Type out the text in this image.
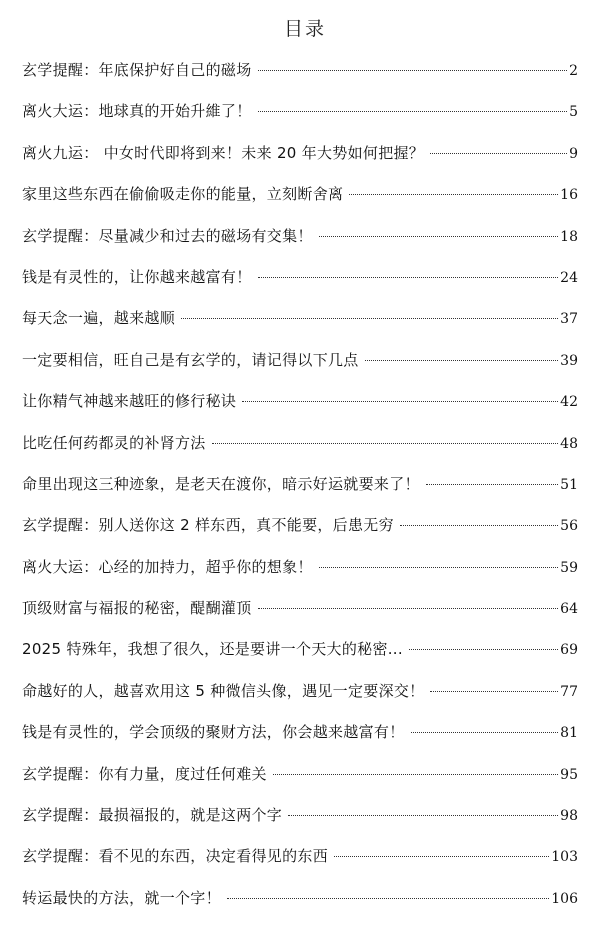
目录
玄学提醒：年底保护好自己的磁场	2
离火大运：地球真的开始升維了！	5
离火九运： 中女时代即将到来！未来 20 年大势如何把握？	9
家里这些东西在偷偷吸走你的能量，立刻断舍离	16
玄学提醒：尽量减少和过去的磁场有交集！	18
钱是有灵性的，让你越来越富有！	24
每天念一遍，越来越顺	37
一定要相信，旺自己是有玄学的，请记得以下几点	39
让你精气神越来越旺的修行秘诀	42
比吃任何药都灵的补肾方法	48
命里出现这三种迹象，是老天在渡你，暗示好运就要来了！	51
玄学提醒：别人送你这 2 样东西，真不能要，后患无穷	56
离火大运：心经的加持力，超乎你的想象！	59
顶级财富与福报的秘密，醍醐灌顶	64
2025 特殊年，我想了很久，还是要讲一个天大的秘密...	69
命越好的人，越喜欢用这 5 种微信头像，遇见一定要深交！	77
钱是有灵性的，学会顶级的聚财方法，你会越来越富有！	81
玄学提醒：你有力量，度过任何难关	95
玄学提醒：最损福报的，就是这两个字	98
玄学提醒：看不见的东西，决定看得见的东西	103
转运最快的方法，就一个字！	106
